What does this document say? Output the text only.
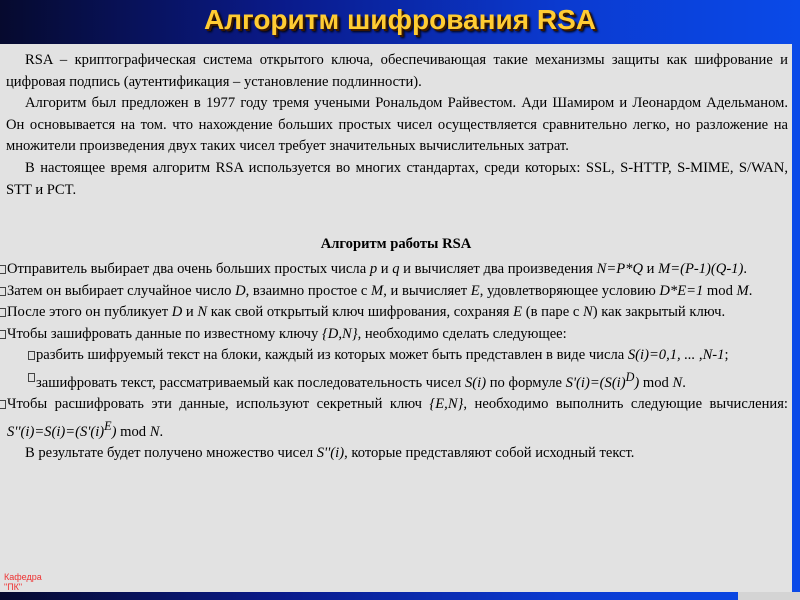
Алгоритм шифрования RSA

RSA – криптографическая система открытого ключа, обеспечивающая такие механизмы защиты как шифрование и цифровая подпись (аутентификация – установление подлинности).

Алгоритм был предложен в 1977 году тремя учеными Рональдом Райвестом. Ади Шамиром и Леонардом Адельманом. Он основывается на том. что нахождение больших простых чисел осуществляется сравнительно легко, но разложение на множители произведения двух таких чисел требует значительных вычислительных затрат.

В настоящее время алгоритм RSA используется во многих стандартах, среди которых: SSL, S-HTTP, S-MIME, S/WAN, STT и PCT.

Алгоритм работы RSA

Отправитель выбирает два очень больших простых числа p и q и вычисляет два произведения N=P*Q и M=(P-1)(Q-1).

Затем он выбирает случайное число D, взаимно простое с M, и вычисляет E, удовлетворяющее условию D*E=1 mod M.

После этого он публикует D и N как свой открытый ключ шифрования, сохраняя E (в паре с N) как закрытый ключ.

Чтобы зашифровать данные по известному ключу {D,N}, необходимо сделать следующее:

разбить шифруемый текст на блоки, каждый из которых может быть представлен в виде числа S(i)=0,1, ... ,N-1;

зашифровать текст, рассматриваемый как последовательность чисел S(i) по формуле $S'(i)=(S(i)^D)$ mod N.

Чтобы расшифровать эти данные, используют секретный ключ {E,N}, необходимо выполнить следующие вычисления: $S''(i)=S(i)=(S'(i)^E)$ mod N.

В результате будет получено множество чисел S''(i), которые представляют собой исходный текст.

Кафедра
"ПК"
